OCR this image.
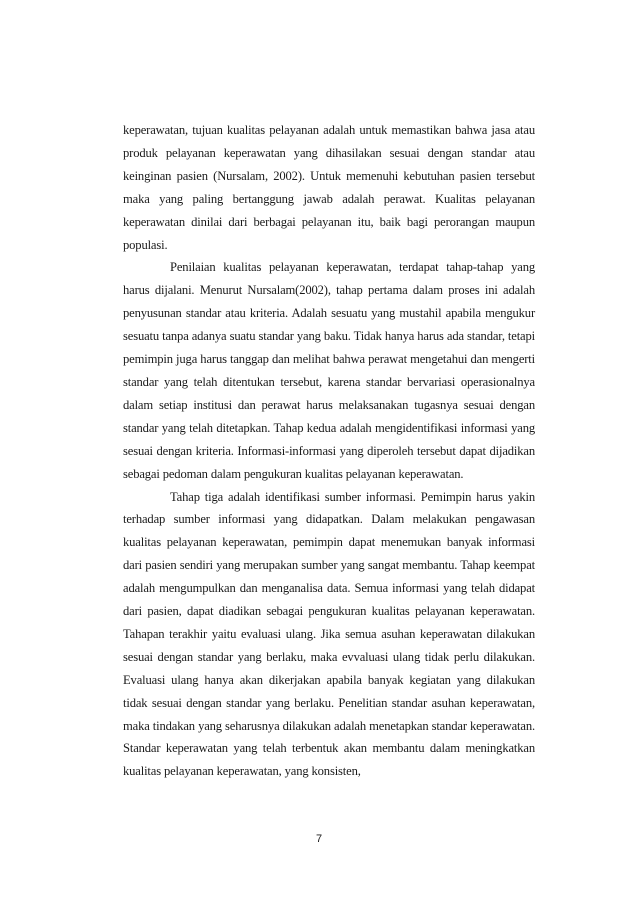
keperawatan, tujuan kualitas pelayanan adalah untuk memastikan bahwa jasa atau produk pelayanan keperawatan yang dihasilakan sesuai dengan standar atau keinginan pasien (Nursalam, 2002). Untuk memenuhi kebutuhan pasien tersebut maka yang paling bertanggung jawab adalah perawat. Kualitas pelayanan keperawatan dinilai dari berbagai pelayanan itu, baik bagi perorangan maupun populasi.

Penilaian kualitas pelayanan keperawatan, terdapat tahap-tahap yang harus dijalani. Menurut Nursalam(2002), tahap pertama dalam proses ini adalah penyusunan standar atau kriteria. Adalah sesuatu yang mustahil apabila mengukur sesuatu tanpa adanya suatu standar yang baku. Tidak hanya harus ada standar, tetapi pemimpin juga harus tanggap dan melihat bahwa perawat mengetahui dan mengerti standar yang telah ditentukan tersebut, karena standar bervariasi operasionalnya dalam setiap institusi dan perawat harus melaksanakan tugasnya sesuai dengan standar yang telah ditetapkan. Tahap kedua adalah mengidentifikasi informasi yang sesuai dengan kriteria. Informasi-informasi yang diperoleh tersebut dapat dijadikan sebagai pedoman dalam pengukuran kualitas pelayanan keperawatan.

Tahap tiga adalah identifikasi sumber informasi. Pemimpin harus yakin terhadap sumber informasi yang didapatkan. Dalam melakukan pengawasan kualitas pelayanan keperawatan, pemimpin dapat menemukan banyak informasi dari pasien sendiri yang merupakan sumber yang sangat membantu. Tahap keempat adalah mengumpulkan dan menganalisa data. Semua informasi yang telah didapat dari pasien, dapat diadikan sebagai pengukuran kualitas pelayanan keperawatan. Tahapan terakhir yaitu evaluasi ulang. Jika semua asuhan keperawatan dilakukan sesuai dengan standar yang berlaku, maka evvaluasi ulang tidak perlu dilakukan. Evaluasi ulang hanya akan dikerjakan apabila banyak kegiatan yang dilakukan tidak sesuai dengan standar yang berlaku. Penelitian standar asuhan keperawatan, maka tindakan yang seharusnya dilakukan adalah menetapkan standar keperawatan. Standar keperawatan yang telah terbentuk akan membantu dalam meningkatkan kualitas pelayanan keperawatan, yang konsisten,

7
